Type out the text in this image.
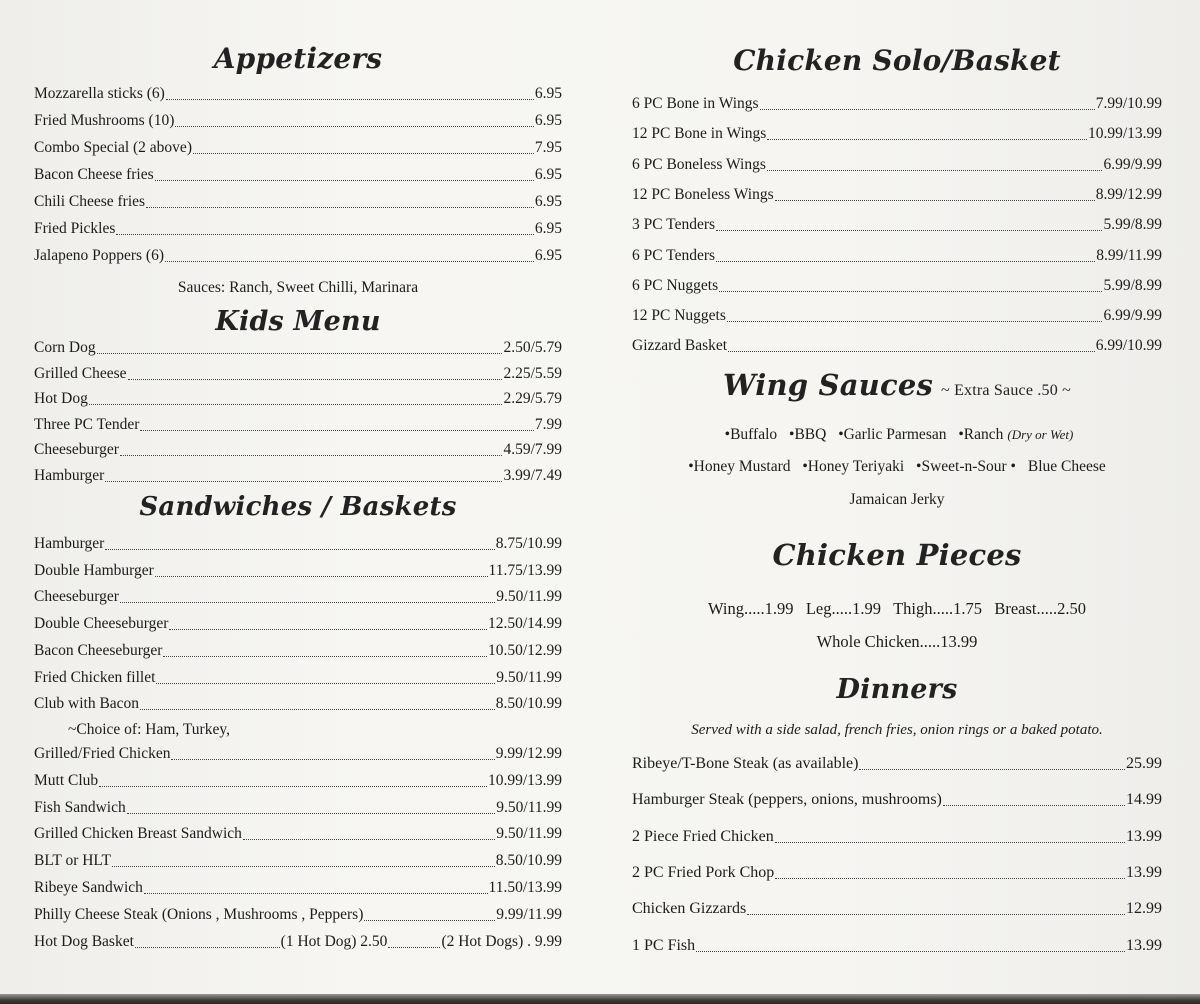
Appetizers
Mozzarella sticks (6)	6.95
Fried Mushrooms (10)	6.95
Combo Special (2 above)	7.95
Bacon Cheese fries	6.95
Chili Cheese fries	6.95
Fried Pickles	6.95
Jalapeno Poppers (6)	6.95
Sauces: Ranch, Sweet Chilli, Marinara
Kids Menu
Corn Dog	2.50/5.79
Grilled Cheese	2.25/5.59
Hot Dog	2.29/5.79
Three PC Tender	7.99
Cheeseburger	4.59/7.99
Hamburger	3.99/7.49
Sandwiches / Baskets
Hamburger	8.75/10.99
Double Hamburger	11.75/13.99
Cheeseburger	9.50/11.99
Double Cheeseburger	12.50/14.99
Bacon Cheeseburger	10.50/12.99
Fried Chicken fillet	9.50/11.99
Club with Bacon	8.50/10.99
~Choice of: Ham, Turkey,
Grilled/Fried Chicken	9.99/12.99
Mutt Club	10.99/13.99
Fish Sandwich	9.50/11.99
Grilled Chicken Breast Sandwich	9.50/11.99
BLT or HLT	8.50/10.99
Ribeye Sandwich	11.50/13.99
Philly Cheese Steak (Onions , Mushrooms , Peppers)	9.99/11.99
Hot Dog Basket	(1 Hot Dog) 2.50	(2 Hot Dogs) . 9.99
Chicken Solo/Basket
6 PC Bone in Wings	7.99/10.99
12 PC Bone in Wings	10.99/13.99
6 PC Boneless Wings	6.99/9.99
12 PC Boneless Wings	8.99/12.99
3 PC Tenders	5.99/8.99
6 PC Tenders	8.99/11.99
6 PC Nuggets	5.99/8.99
12 PC Nuggets	6.99/9.99
Gizzard Basket	6.99/10.99
Wing Sauces ~ Extra Sauce .50 ~
•Buffalo •BBQ •Garlic Parmesan •Ranch (Dry or Wet)
•Honey Mustard •Honey Teriyaki •Sweet-n-Sour • Blue Cheese
Jamaican Jerky
Chicken Pieces
Wing.....1.99   Leg.....1.99   Thigh.....1.75   Breast.....2.50
Whole Chicken.....13.99
Dinners
Served with a side salad, french fries, onion rings or a baked potato.
Ribeye/T-Bone Steak (as available)	25.99
Hamburger Steak (peppers, onions, mushrooms)	14.99
2 Piece Fried Chicken	13.99
2 PC Fried Pork Chop	13.99
Chicken Gizzards	12.99
1 PC Fish	13.99
